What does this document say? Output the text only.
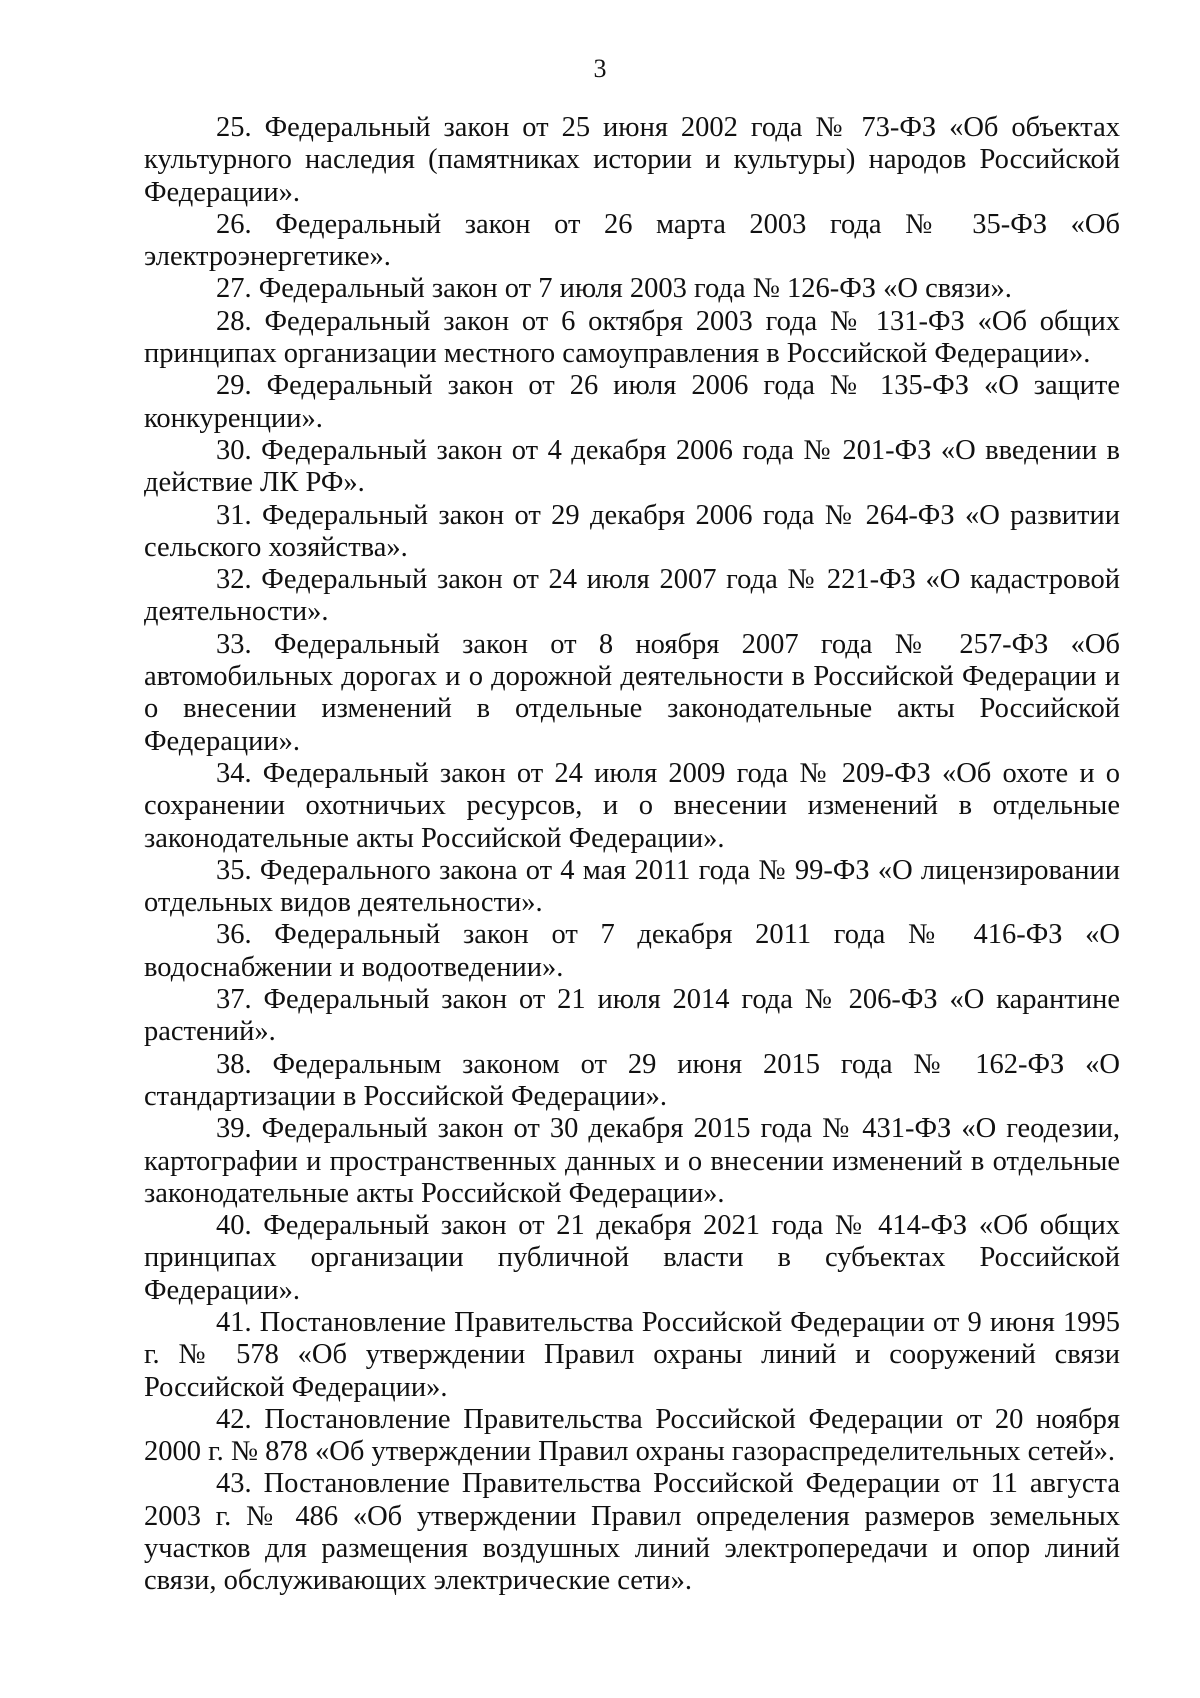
3

25. Федеральный закон от 25 июня 2002 года № 73-ФЗ «Об объектах культурного наследия (памятниках истории и культуры) народов Российской Федерации».

26. Федеральный закон от 26 марта 2003 года № 35-ФЗ «Об электроэнергетике».

27. Федеральный закон от 7 июля 2003 года № 126-ФЗ «О связи».

28. Федеральный закон от 6 октября 2003 года № 131-ФЗ «Об общих принципах организации местного самоуправления в Российской Федерации».

29. Федеральный закон от 26 июля 2006 года № 135-ФЗ «О защите конкуренции».

30. Федеральный закон от 4 декабря 2006 года № 201-ФЗ «О введении в действие ЛК РФ».

31. Федеральный закон от 29 декабря 2006 года № 264-ФЗ «О развитии сельского хозяйства».

32. Федеральный закон от 24 июля 2007 года № 221-ФЗ «О кадастровой деятельности».

33. Федеральный закон от 8 ноября 2007 года № 257-ФЗ «Об автомобильных дорогах и о дорожной деятельности в Российской Федерации и о внесении изменений в отдельные законодательные акты Российской Федерации».

34. Федеральный закон от 24 июля 2009 года № 209-ФЗ «Об охоте и о сохранении охотничьих ресурсов, и о внесении изменений в отдельные законодательные акты Российской Федерации».

35. Федерального закона от 4 мая 2011 года № 99-ФЗ «О лицензировании отдельных видов деятельности».

36. Федеральный закон от 7 декабря 2011 года № 416-ФЗ «О водоснабжении и водоотведении».

37. Федеральный закон от 21 июля 2014 года № 206-ФЗ «О карантине растений».

38. Федеральным законом от 29 июня 2015 года № 162-ФЗ «О стандартизации в Российской Федерации».

39. Федеральный закон от 30 декабря 2015 года № 431-ФЗ «О геодезии, картографии и пространственных данных и о внесении изменений в отдельные законодательные акты Российской Федерации».

40. Федеральный закон от 21 декабря 2021 года № 414-ФЗ «Об общих принципах организации публичной власти в субъектах Российской Федерации».

41. Постановление Правительства Российской Федерации от 9 июня 1995 г. № 578 «Об утверждении Правил охраны линий и сооружений связи Российской Федерации».

42. Постановление Правительства Российской Федерации от 20 ноября 2000 г. № 878 «Об утверждении Правил охраны газораспределительных сетей».

43. Постановление Правительства Российской Федерации от 11 августа 2003 г. № 486 «Об утверждении Правил определения размеров земельных участков для размещения воздушных линий электропередачи и опор линий связи, обслуживающих электрические сети».
